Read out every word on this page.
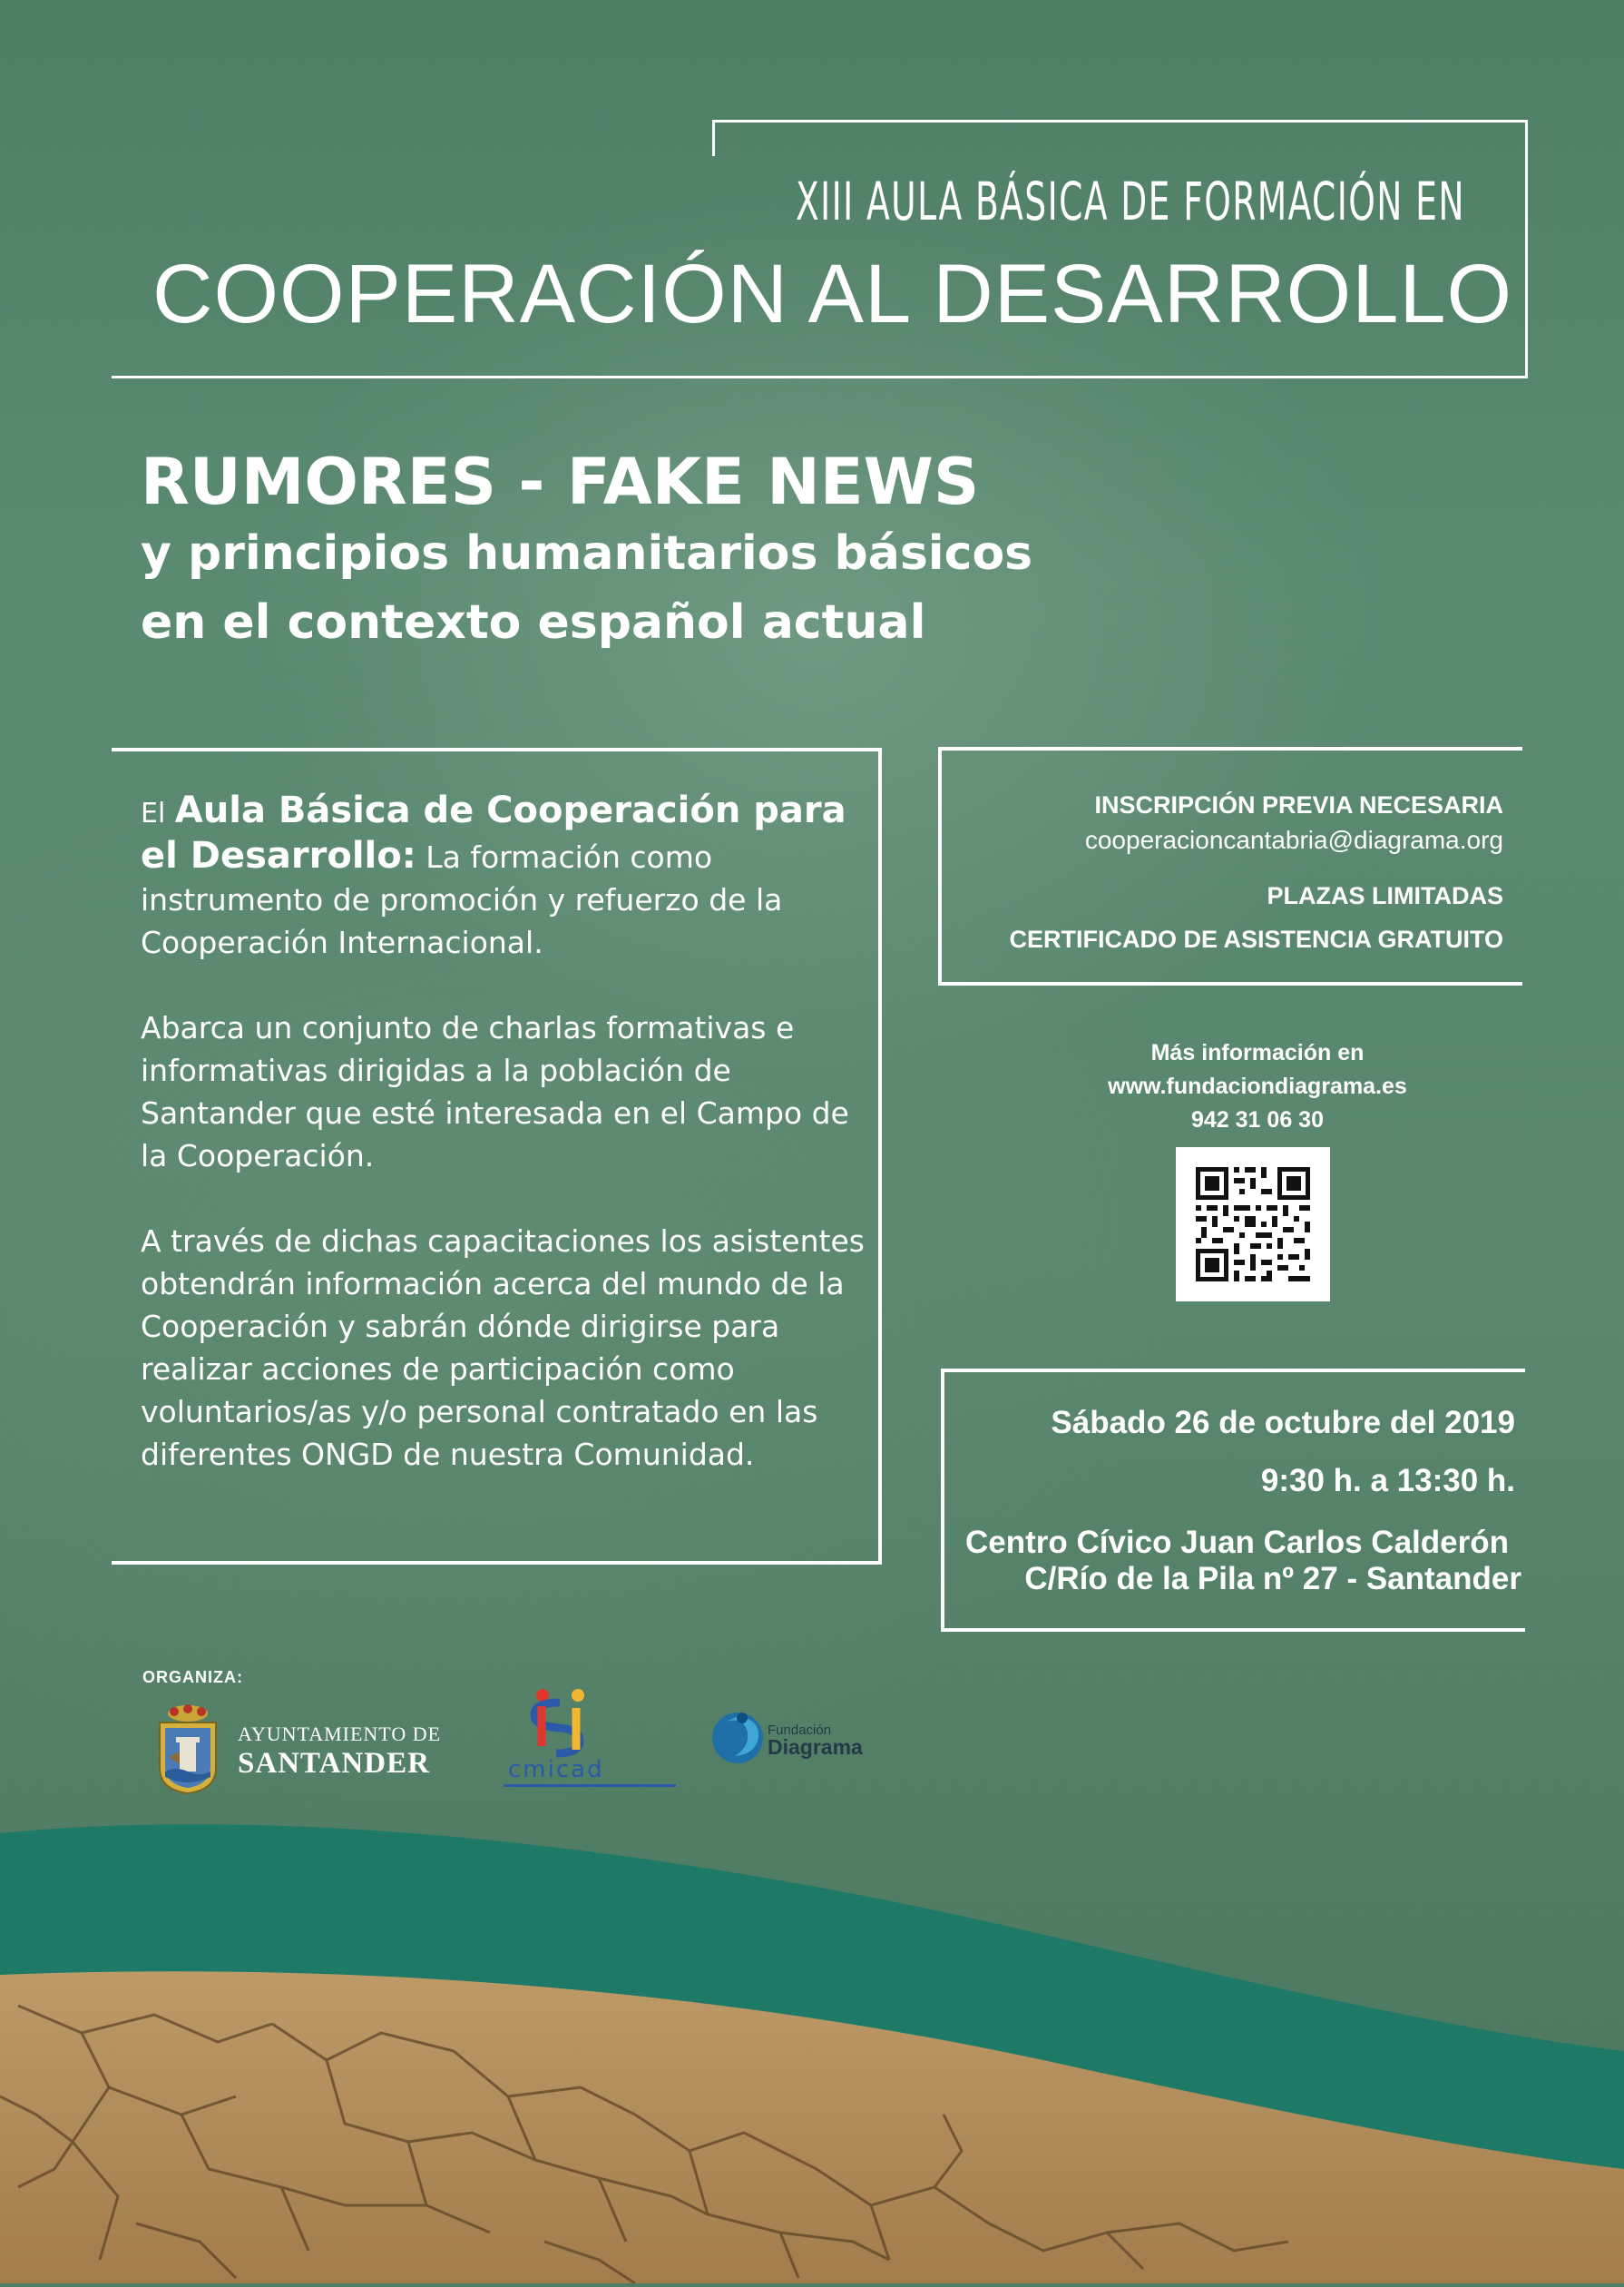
XIII AULA BÁSICA DE FORMACIÓN EN
COOPERACIÓN AL DESARROLLO
RUMORES - FAKE NEWS
y principios humanitarios básicos
en el contexto español actual

El Aula Básica de Cooperación para el Desarrollo: La formación como instrumento de promoción y refuerzo de la Cooperación Internacional.

Abarca un conjunto de charlas formativas e informativas dirigidas a la población de Santander que esté interesada en el Campo de la Cooperación.

A través de dichas capacitaciones los asistentes obtendrán información acerca del mundo de la Cooperación y sabrán dónde dirigirse para realizar acciones de participación como voluntarios/as y/o personal contratado en las diferentes ONGD de nuestra Comunidad.

INSCRIPCIÓN PREVIA NECESARIA
cooperacioncantabria@diagrama.org
PLAZAS LIMITADAS
CERTIFICADO DE ASISTENCIA GRATUITO
Más información en
www.fundaciondiagrama.es
942 31 06 30
Sábado 26 de octubre del 2019
9:30 h. a 13:30 h.
Centro Cívico Juan Carlos Calderón
C/Río de la Pila nº 27 - Santander
ORGANIZA:
AYUNTAMIENTO DE
SANTANDER	cmicad
Fundación
Diagrama
